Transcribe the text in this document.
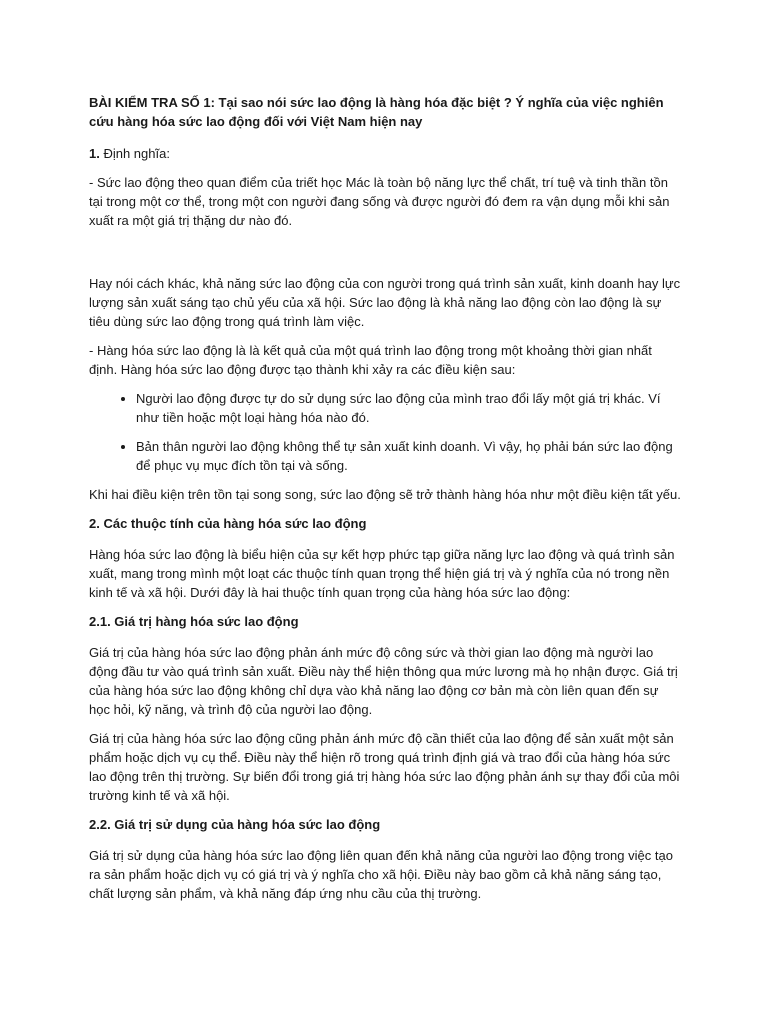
BÀI KIỂM TRA SỐ 1: Tại sao nói sức lao động là hàng hóa đặc biệt ? Ý nghĩa của việc nghiên cứu hàng hóa sức lao động đối với Việt Nam hiện nay

1. Định nghĩa:

- Sức lao động theo quan điểm của triết học Mác là toàn bộ năng lực thể chất, trí tuệ và tinh thần tồn tại trong một cơ thể, trong một con người đang sống và được người đó đem ra vận dụng mỗi khi sản xuất ra một giá trị thặng dư nào đó.

Hay nói cách khác, khả năng sức lao động của con người trong quá trình sản xuất, kinh doanh hay lực lượng sản xuất sáng tạo chủ yếu của xã hội. Sức lao động là khả năng lao động còn lao động là sự tiêu dùng sức lao động trong quá trình làm việc.

- Hàng hóa sức lao động là là kết quả của một quá trình lao động trong một khoảng thời gian nhất định. Hàng hóa sức lao động được tạo thành khi xảy ra các điều kiện sau:

• Người lao động được tự do sử dụng sức lao động của mình trao đổi lấy một giá trị khác. Ví như tiền hoặc một loại hàng hóa nào đó.
• Bản thân người lao động không thể tự sản xuất kinh doanh. Vì vậy, họ phải bán sức lao động để phục vụ mục đích tồn tại và sống.

Khi hai điều kiện trên tồn tại song song, sức lao động sẽ trở thành hàng hóa như một điều kiện tất yếu.

2. Các thuộc tính của hàng hóa sức lao động

Hàng hóa sức lao động là biểu hiện của sự kết hợp phức tạp giữa năng lực lao động và quá trình sản xuất, mang trong mình một loạt các thuộc tính quan trọng thể hiện giá trị và ý nghĩa của nó trong nền kinh tế và xã hội. Dưới đây là hai thuộc tính quan trọng của hàng hóa sức lao động:

2.1. Giá trị hàng hóa sức lao động

Giá trị của hàng hóa sức lao động phản ánh mức độ công sức và thời gian lao động mà người lao động đầu tư vào quá trình sản xuất. Điều này thể hiện thông qua mức lương mà họ nhận được. Giá trị của hàng hóa sức lao động không chỉ dựa vào khả năng lao động cơ bản mà còn liên quan đến sự học hỏi, kỹ năng, và trình độ của người lao động.

Giá trị của hàng hóa sức lao động cũng phản ánh mức độ cần thiết của lao động để sản xuất một sản phẩm hoặc dịch vụ cụ thể. Điều này thể hiện rõ trong quá trình định giá và trao đổi của hàng hóa sức lao động trên thị trường. Sự biến đổi trong giá trị hàng hóa sức lao động phản ánh sự thay đổi của môi trường kinh tế và xã hội.

2.2. Giá trị sử dụng của hàng hóa sức lao động

Giá trị sử dụng của hàng hóa sức lao động liên quan đến khả năng của người lao động trong việc tạo ra sản phẩm hoặc dịch vụ có giá trị và ý nghĩa cho xã hội. Điều này bao gồm cả khả năng sáng tạo, chất lượng sản phẩm, và khả năng đáp ứng nhu cầu của thị trường.
